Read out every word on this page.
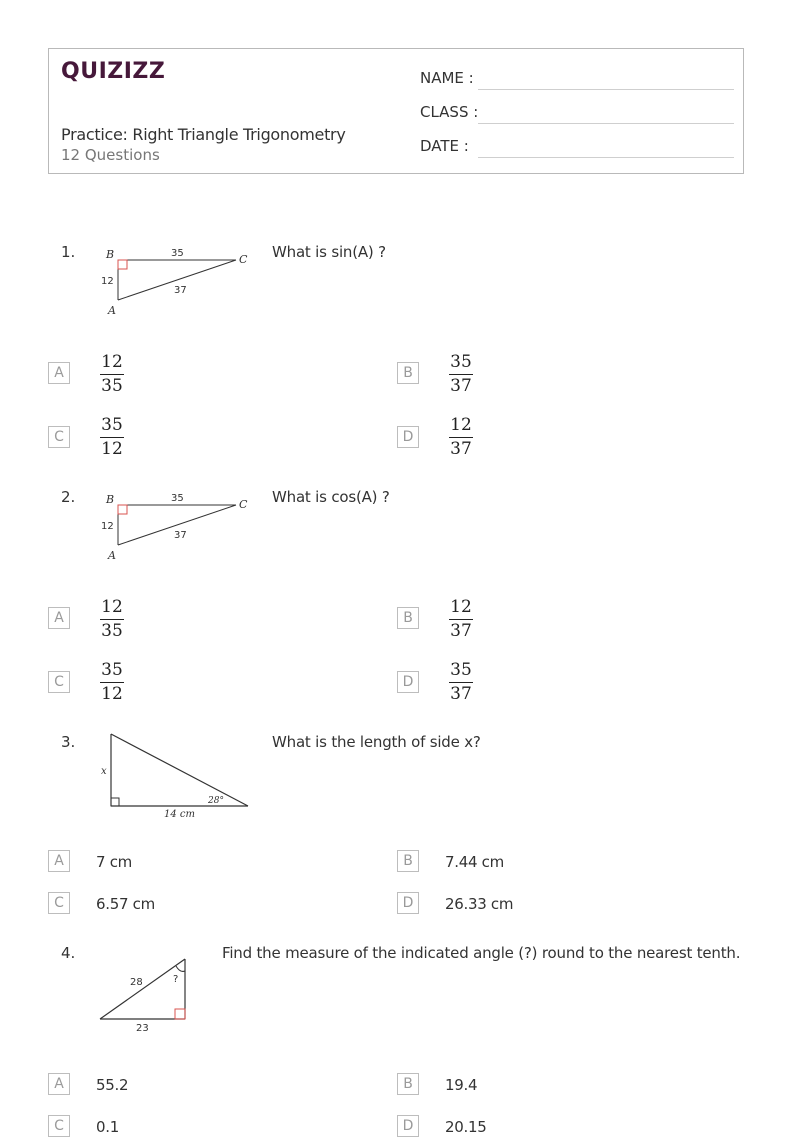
QUIZIZZ
Practice: Right Triangle Trigonometry
12 Questions
NAME :
CLASS :
DATE :
1.	B	C
A
35
12
37
What is sin(A) ?
A
12
35
B
35
37
C
35
12
D
12
37
2.	B	C
A
35
12
37
What is cos(A) ?
A
12
35
B
12
37
C
35
12
D
35
37
3.
x
28°
14 cm
What is the length of side x?
A	7 cm	B	7.44 cm
C	6.57 cm	D	26.33 cm
4.
?
28
23
Find the measure of the indicated angle (?) round to the nearest tenth.
A	55.2	B	19.4
C	0.1	D	20.15
